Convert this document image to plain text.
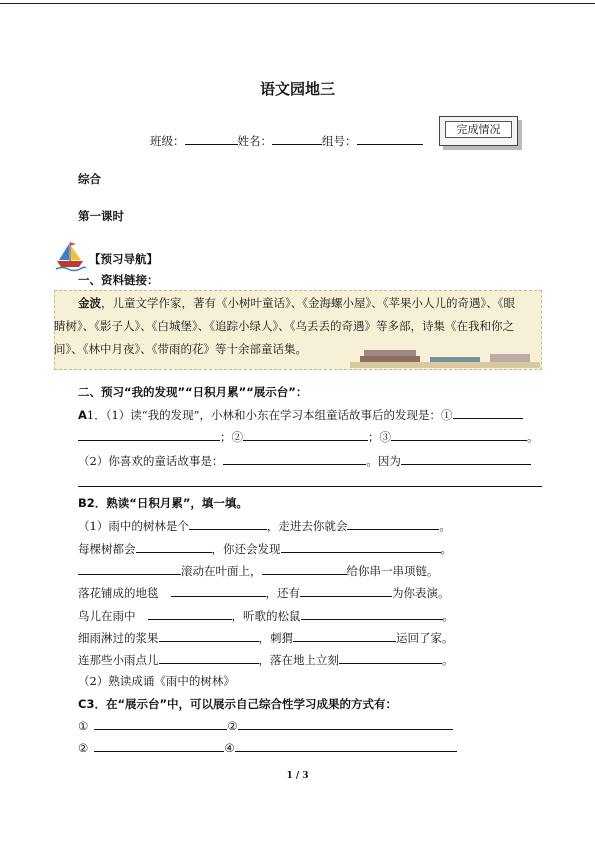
语文园地三
班级：	姓名：	组号：
完成情况
综合
第一课时
【预习导航】
一、资料链接：
金波，儿童文学作家，著有《小树叶童话》、《金海螺小屋》、《苹果小人儿的奇遇》、《眼
睛树》、《影子人》、《白城堡》、《追踪小绿人》、《乌丢丢的奇遇》等多部，诗集《在我和你之
间》、《林中月夜》、《带雨的花》等十余部童话集。
二、预习“我的发现”“日积月累”“展示台”：
A1．（1）读“我的发现”，小林和小东在学习本组童话故事后的发现是：①
；②	；③	。
（2）你喜欢的童话故事是：	。因为
B2．熟读“日积月累”，填一填。
（1）雨中的树林是个	，走进去你就会	。
每棵树都会	，你还会发现	。
滚动在叶面上，	给你串一串项链。
落花铺成的地毯	，还有	为你表演。
鸟儿在雨中	，听歌的松鼠	。
细雨淋过的浆果	，刺猬	运回了家。
连那些小雨点儿	，落在地上立刻	。
（2）熟读成诵《雨中的树林》
C3．在“展示台”中，可以展示自己综合性学习成果的方式有：
①	②
②	④
1 / 3
